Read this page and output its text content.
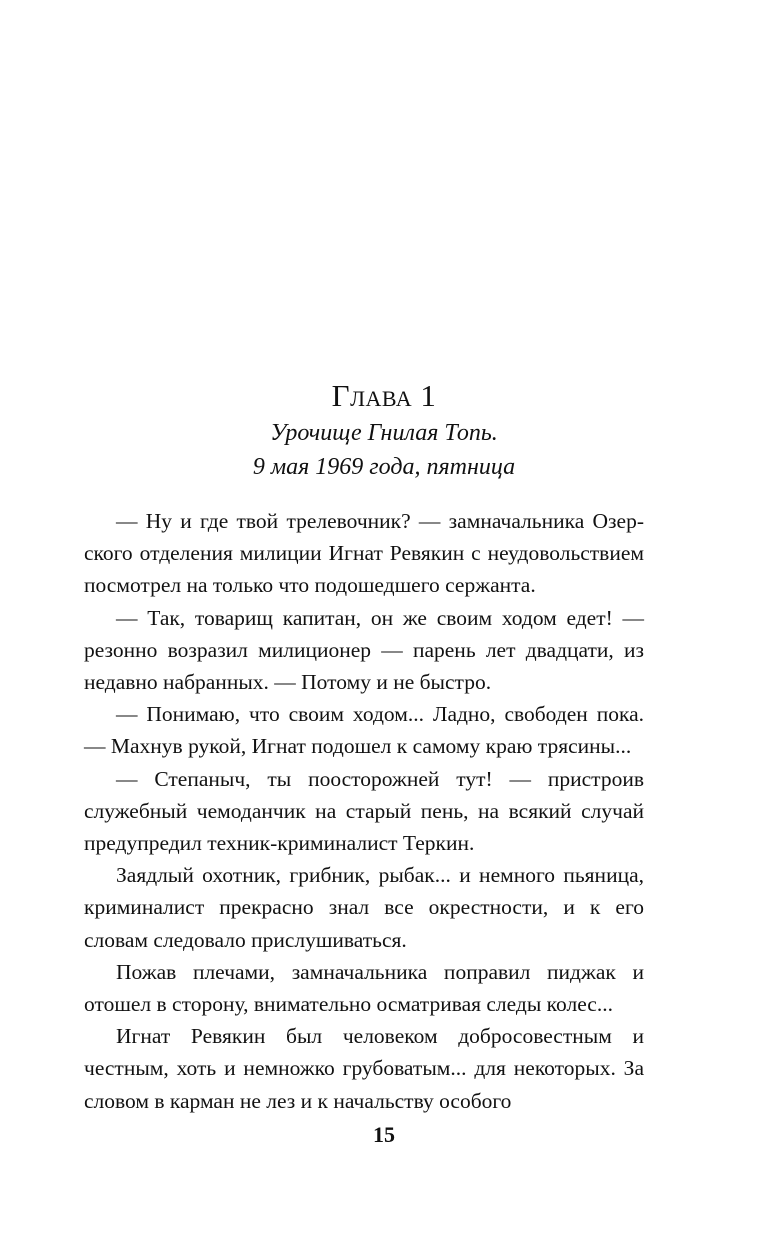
Глава 1
Урочище Гнилая Топь.
9 мая 1969 года, пятница

— Ну и где твой трелевочник? — замначальника Озерского отделения милиции Игнат Ревякин с неудовольствием посмотрел на только что подошедшего сержанта.

— Так, товарищ капитан, он же своим ходом едет! — резонно возразил милиционер — парень лет двадцати, из недавно набранных. — Потому и не быстро.

— Понимаю, что своим ходом... Ладно, свободен пока. — Махнув рукой, Игнат подошел к самому краю трясины...

— Степаныч, ты поосторожней тут! — пристроив служебный чемоданчик на старый пень, на всякий случай предупредил техник-криминалист Теркин.

Заядлый охотник, грибник, рыбак... и немного пьяница, криминалист прекрасно знал все окрестности, и к его словам следовало прислушиваться.

Пожав плечами, замначальника поправил пиджак и отошел в сторону, внимательно осматривая следы колес...

Игнат Ревякин был человеком добросовестным и честным, хоть и немножко грубоватым... для некоторых. За словом в карман не лез и к начальству особого

15
